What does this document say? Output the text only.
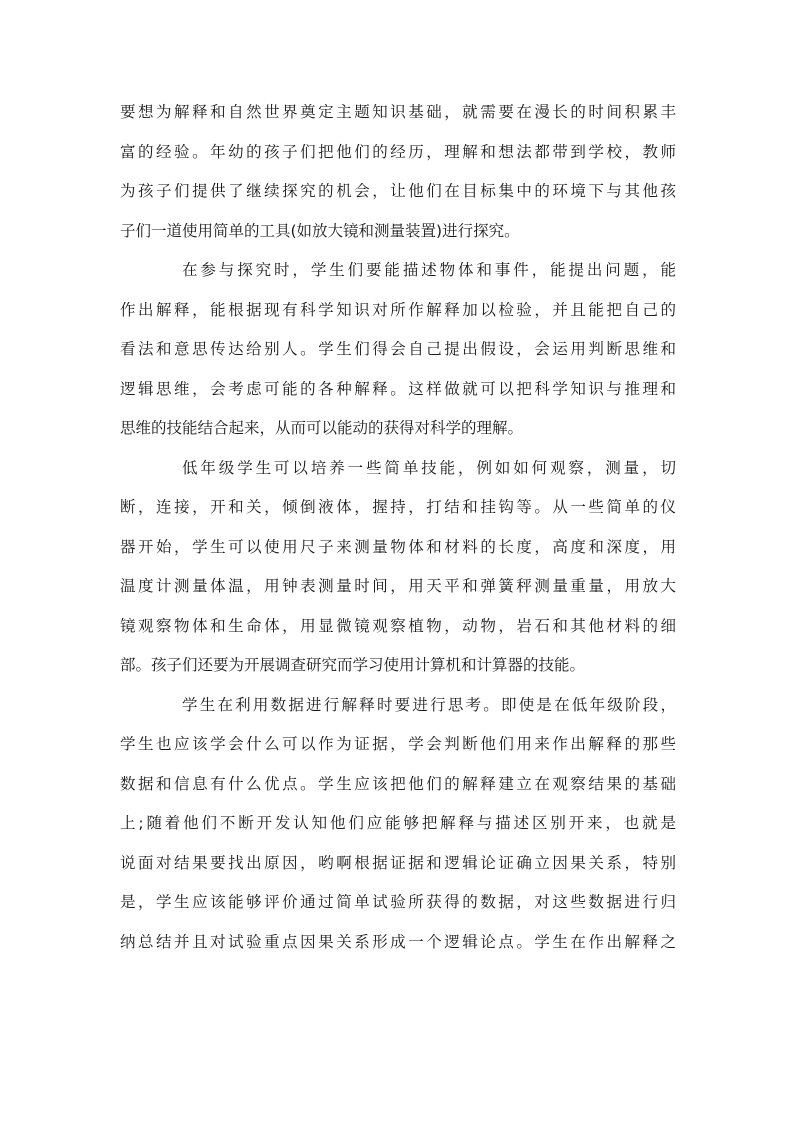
要想为解释和自然世界奠定主题知识基础，就需要在漫长的时间积累丰
富的经验。年幼的孩子们把他们的经历，理解和想法都带到学校，教师
为孩子们提供了继续探究的机会，让他们在目标集中的环境下与其他孩
子们一道使用简单的工具(如放大镜和测量装置)进行探究。
在参与探究时，学生们要能描述物体和事件，能提出问题，能
作出解释，能根据现有科学知识对所作解释加以检验，并且能把自己的
看法和意思传达给别人。学生们得会自己提出假设，会运用判断思维和
逻辑思维，会考虑可能的各种解释。这样做就可以把科学知识与推理和
思维的技能结合起来，从而可以能动的获得对科学的理解。
低年级学生可以培养一些简单技能，例如如何观察，测量，切
断，连接，开和关，倾倒液体，握持，打结和挂钩等。从一些简单的仪
器开始，学生可以使用尺子来测量物体和材料的长度，高度和深度，用
温度计测量体温，用钟表测量时间，用天平和弹簧秤测量重量，用放大
镜观察物体和生命体，用显微镜观察植物，动物，岩石和其他材料的细
部。孩子们还要为开展调查研究而学习使用计算机和计算器的技能。
学生在利用数据进行解释时要进行思考。即使是在低年级阶段，
学生也应该学会什么可以作为证据，学会判断他们用来作出解释的那些
数据和信息有什么优点。学生应该把他们的解释建立在观察结果的基础
上;随着他们不断开发认知他们应能够把解释与描述区别开来，也就是
说面对结果要找出原因，哟啊根据证据和逻辑论证确立因果关系，特别
是，学生应该能够评价通过简单试验所获得的数据，对这些数据进行归
纳总结并且对试验重点因果关系形成一个逻辑论点。学生在作出解释之
